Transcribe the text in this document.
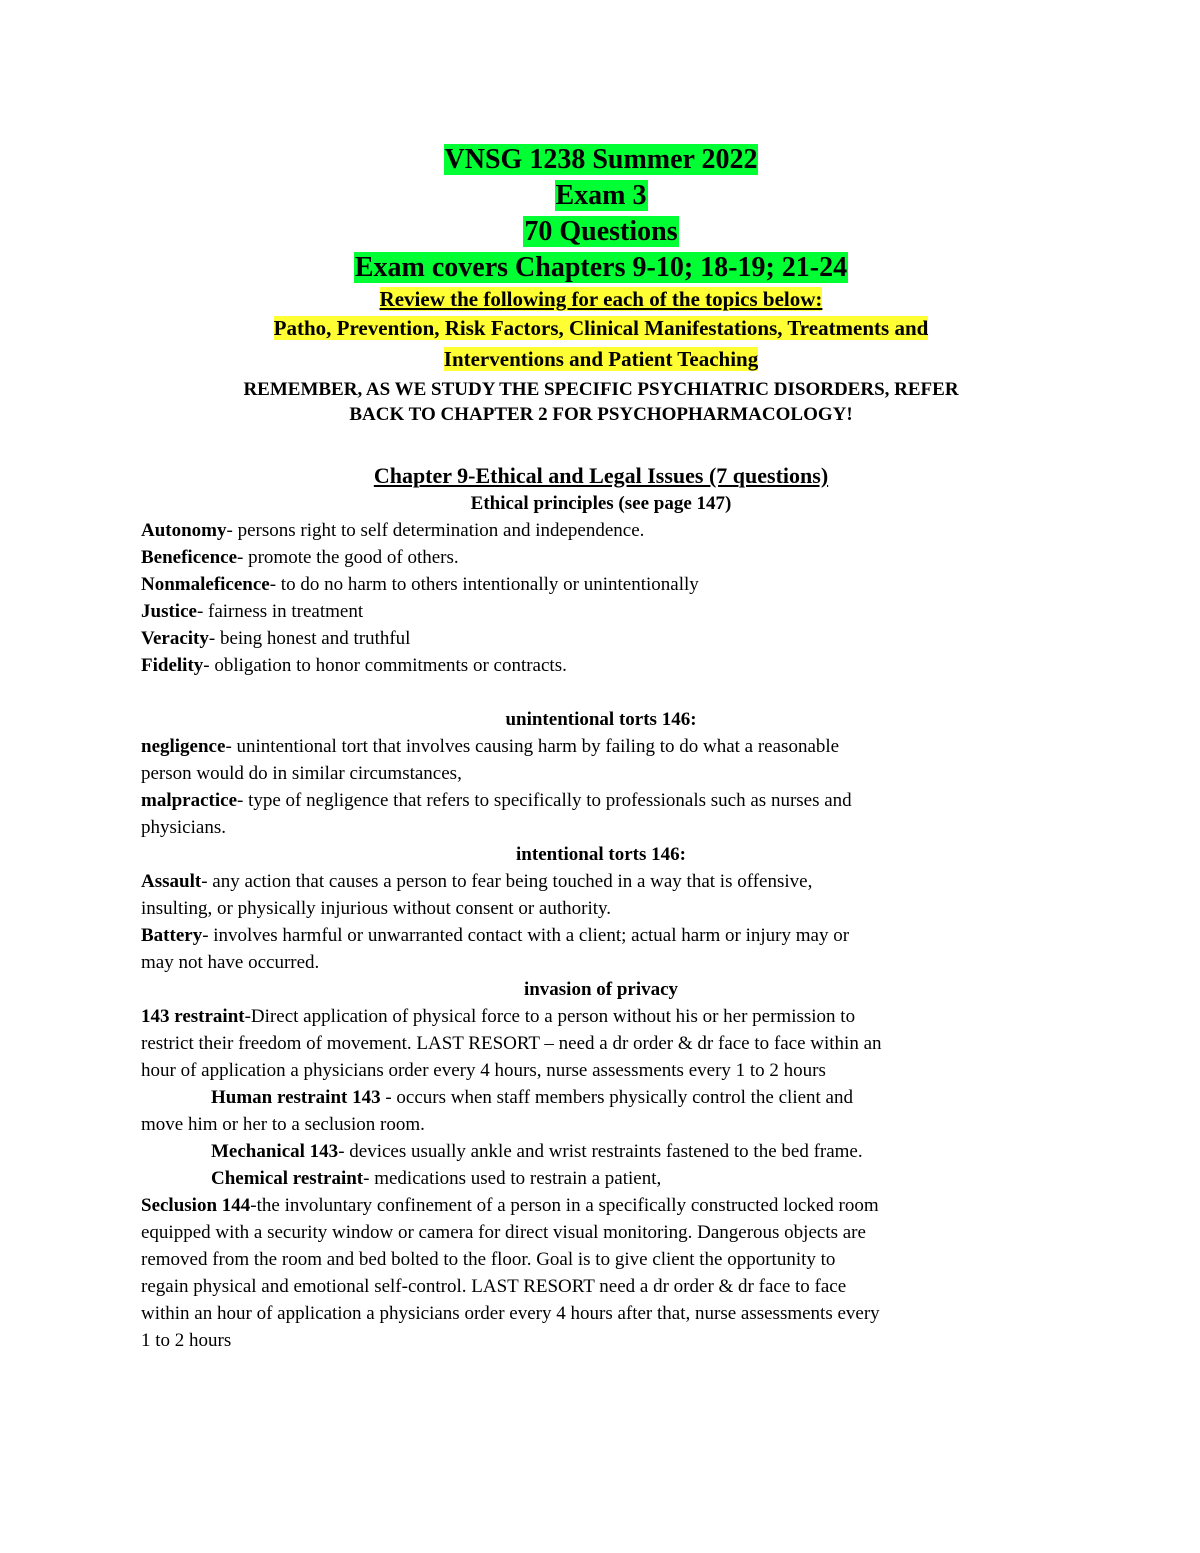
VNSG 1238 Summer 2022
Exam 3
70 Questions
Exam covers Chapters 9-10; 18-19; 21-24
Review the following for each of the topics below:
Patho, Prevention, Risk Factors, Clinical Manifestations, Treatments and
Interventions and Patient Teaching
REMEMBER, AS WE STUDY THE SPECIFIC PSYCHIATRIC DISORDERS, REFER
BACK TO CHAPTER 2 FOR PSYCHOPHARMACOLOGY!
Chapter 9-Ethical and Legal Issues (7 questions)
Ethical principles (see page 147)
Autonomy- persons right to self determination and independence.
Beneficence- promote the good of others.
Nonmaleficence- to do no harm to others intentionally or unintentionally
Justice- fairness in treatment
Veracity- being honest and truthful
Fidelity- obligation to honor commitments or contracts.
unintentional torts 146:
negligence- unintentional tort that involves causing harm by failing to do what a reasonable
person would do in similar circumstances,
malpractice- type of negligence that refers to specifically to professionals such as nurses and
physicians.
intentional torts 146:
Assault- any action that causes a person to fear being touched in a way that is offensive,
insulting, or physically injurious without consent or authority.
Battery- involves harmful or unwarranted contact with a client; actual harm or injury may or
may not have occurred.
invasion of privacy
143 restraint-Direct application of physical force to a person without his or her permission to
restrict their freedom of movement. LAST RESORT – need a dr order & dr face to face within an
hour of application a physicians order every 4 hours, nurse assessments every 1 to 2 hours
Human restraint 143 - occurs when staff members physically control the client and
move him or her to a seclusion room.
Mechanical 143- devices usually ankle and wrist restraints fastened to the bed frame.
Chemical restraint- medications used to restrain a patient,
Seclusion 144-the involuntary confinement of a person in a specifically constructed locked room
equipped with a security window or camera for direct visual monitoring. Dangerous objects are
removed from the room and bed bolted to the floor. Goal is to give client the opportunity to
regain physical and emotional self-control. LAST RESORT need a dr order & dr face to face
within an hour of application a physicians order every 4 hours after that, nurse assessments every
1 to 2 hours
